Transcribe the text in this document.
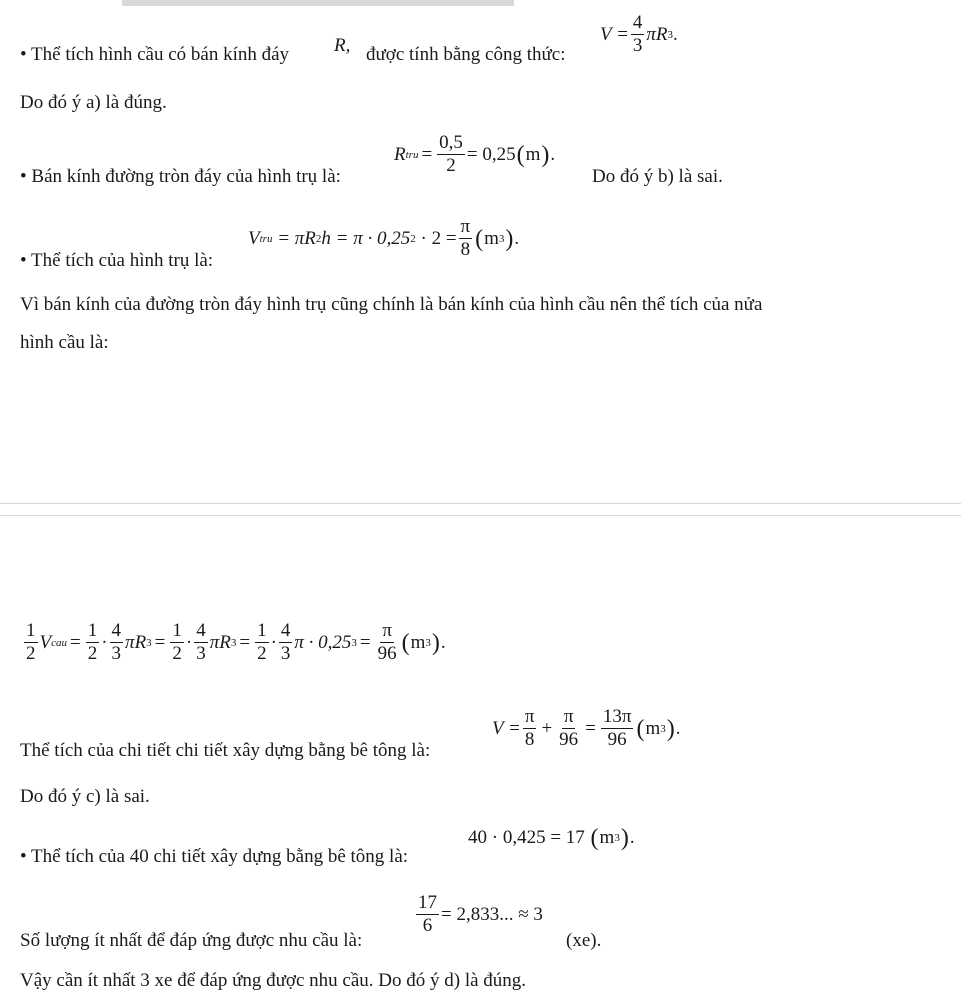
• Thể tích hình cầu có bán kính đáy R, được tính bằng công thức:
$V = \frac{4}{3}$ πR 3 .
Do đó ý a) là đúng.
• Bán kính đường tròn đáy của hình trụ là:
R tru = $\frac{0,5}{2} = 0,25$ ( m ) .
Do đó ý b) là sai.
• Thể tích của hình trụ là:
V tru
= πR 2 h = π · 0,25 2
· $2 = \frac{\pi}{8}$ ( m 3 ) .
Vì bán kính của đường tròn đáy hình trụ cũng chính là bán kính của hình cầu nên thể tích của nửa
hình cầu là:
$\frac{1}{2}$ V cau = $\frac{1}{2} \cdot \frac{4}{3}$ πR $3 = \frac{1}{2} \cdot \frac{4}{3}$ πR $3 = \frac{1}{2} \cdot \frac{4}{3}$ π · 0,25 $3 = \frac{\pi}{96}$ ( m 3 ) .
Thể tích của chi tiết chi tiết xây dựng bằng bê tông là:
$V = \frac{\pi}{8} + \frac{\pi}{96} = \frac{13\pi}{96}$ ( m 3 ) .
Do đó ý c) là sai.
• Thể tích của 40 chi tiết xây dựng bằng bê tông là:
40 · 0,425 = 17
( m 3 ) .
Số lượng ít nhất để đáp ứng được nhu cầu là:
$\frac{17}{6} = 2,833$... ≈ 3
(xe).
Vậy cần ít nhất 3 xe để đáp ứng được nhu cầu. Do đó ý d) là đúng.
